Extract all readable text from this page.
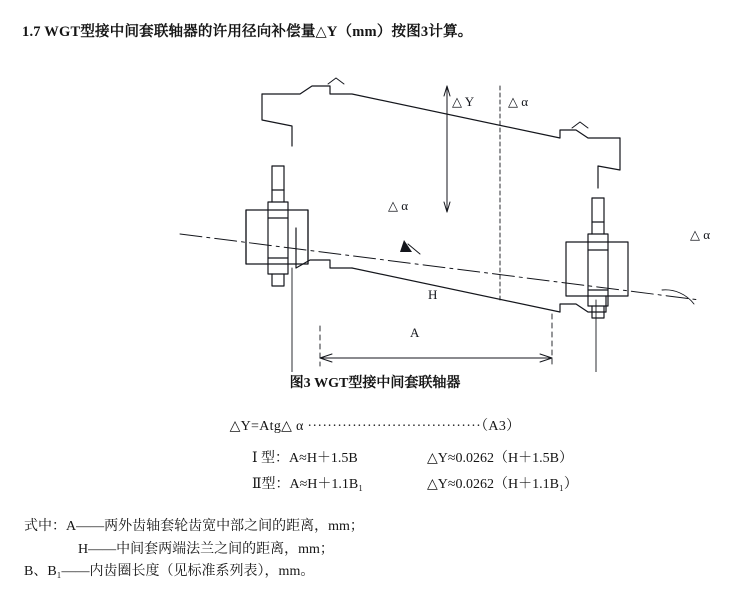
1.7 WGT型接中间套联轴器的许用径向补偿量△Y（mm）按图3计算。
△ Y	△ α
△ α
△ α
H
A
图3 WGT型接中间套联轴器
△Y=Atg△ α ···································（A3）
Ⅰ 型：A≈H＋1.5B	△Y≈0.0262（H＋1.5B）
Ⅱ型：A≈H＋1.1B₁	△Y≈0.0262（H＋1.1B₁）
式中：A——两外齿轴套轮齿宽中部之间的距离，mm；
H——中间套两端法兰之间的距离，mm；
B、B₁——内齿圈长度（见标准系列表），mm。
